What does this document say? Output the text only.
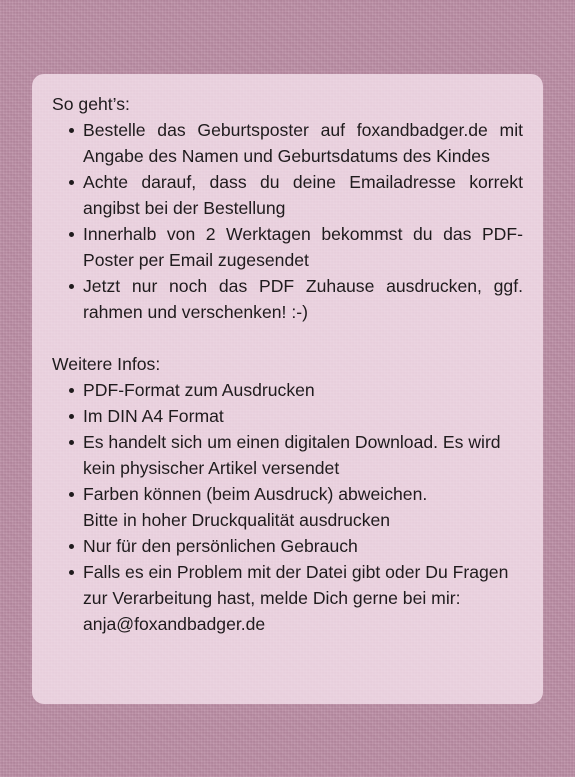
So geht’s:

Bestelle das Geburtsposter auf foxandbadger.de mit Angabe des Namen und Geburtsdatums des Kindes
Achte darauf, dass du deine Emailadresse korrekt angibst bei der Bestellung
Innerhalb von 2 Werktagen bekommst du das PDF-Poster per Email zugesendet
Jetzt nur noch das PDF Zuhause ausdrucken, ggf. rahmen und verschenken! :-)

Weitere Infos:

PDF-Format zum Ausdrucken
Im DIN A4 Format
Es handelt sich um einen digitalen Download. Es wird kein physischer Artikel versendet
Farben können (beim Ausdruck) abweichen.
Bitte in hoher Druckqualität ausdrucken
Nur für den persönlichen Gebrauch
Falls es ein Problem mit der Datei gibt oder Du Fragen zur Verarbeitung hast, melde Dich gerne bei mir:
anja@foxandbadger.de
